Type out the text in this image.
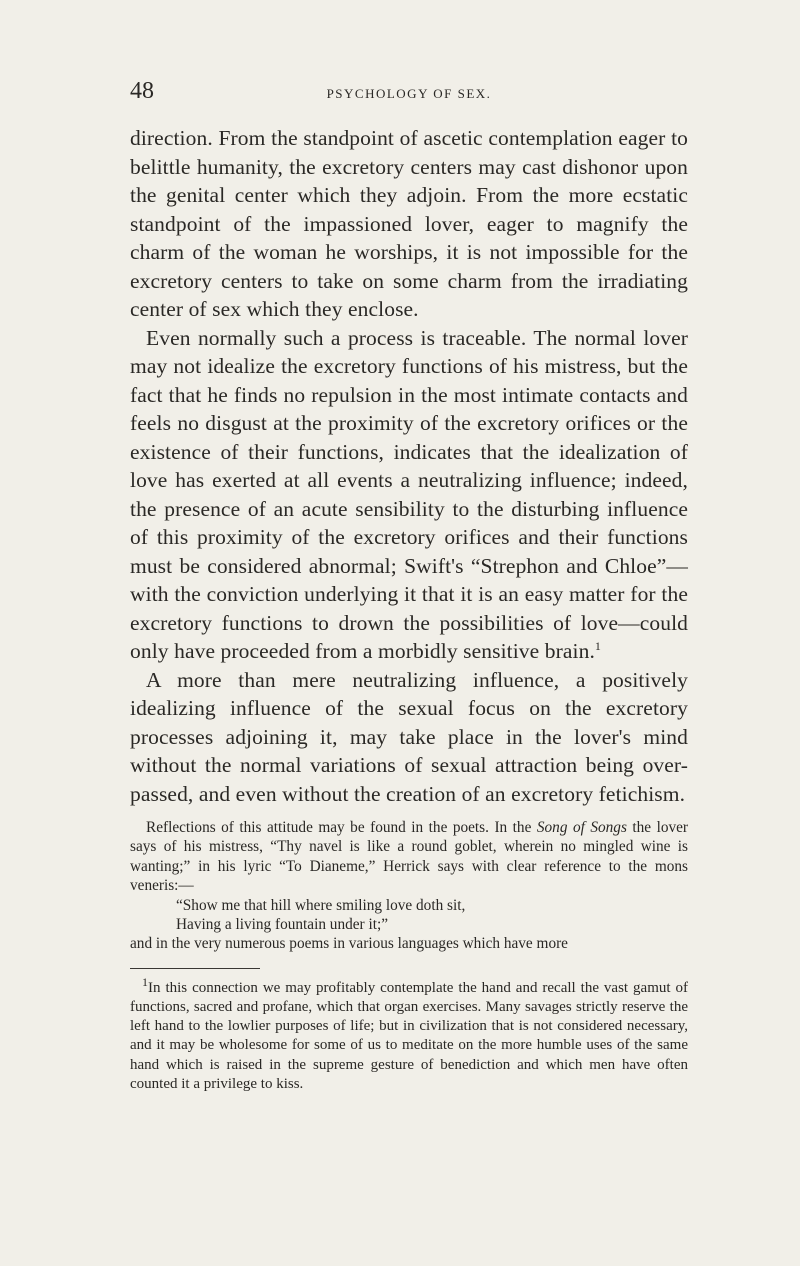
48	PSYCHOLOGY OF SEX.

direction. From the standpoint of ascetic contemplation eager to belittle humanity, the excretory centers may cast dishonor upon the genital center which they adjoin. From the more ecstatic standpoint of the impassioned lover, eager to magnify the charm of the woman he worships, it is not impossible for the excretory centers to take on some charm from the irradiating center of sex which they enclose.

Even normally such a process is traceable. The normal lover may not idealize the excretory functions of his mistress, but the fact that he finds no repulsion in the most intimate contacts and feels no disgust at the proximity of the excretory orifices or the existence of their functions, indicates that the idealization of love has exerted at all events a neutralizing influence; indeed, the presence of an acute sensibility to the disturbing influence of this proximity of the excretory orifices and their functions must be considered abnormal; Swift's “Strephon and Chloe”—with the conviction underlying it that it is an easy matter for the excretory functions to drown the possibilities of love—could only have proceeded from a morbidly sensitive brain.$^1$

A more than mere neutralizing influence, a positively idealizing influence of the sexual focus on the excretory processes adjoining it, may take place in the lover's mind without the normal variations of sexual attraction being over-passed, and even without the creation of an excretory fetichism.

Reflections of this attitude may be found in the poets. In the Song of Songs the lover says of his mistress, “Thy navel is like a round goblet, wherein no mingled wine is wanting;” in his lyric “To Dianeme,” Herrick says with clear reference to the mons veneris:—

“Show me that hill where smiling love doth sit,
Having a living fountain under it;”

and in the very numerous poems in various languages which have more

$^1$In this connection we may profitably contemplate the hand and recall the vast gamut of functions, sacred and profane, which that organ exercises. Many savages strictly reserve the left hand to the lowlier purposes of life; but in civilization that is not considered necessary, and it may be wholesome for some of us to meditate on the more humble uses of the same hand which is raised in the supreme gesture of benediction and which men have often counted it a privilege to kiss.
